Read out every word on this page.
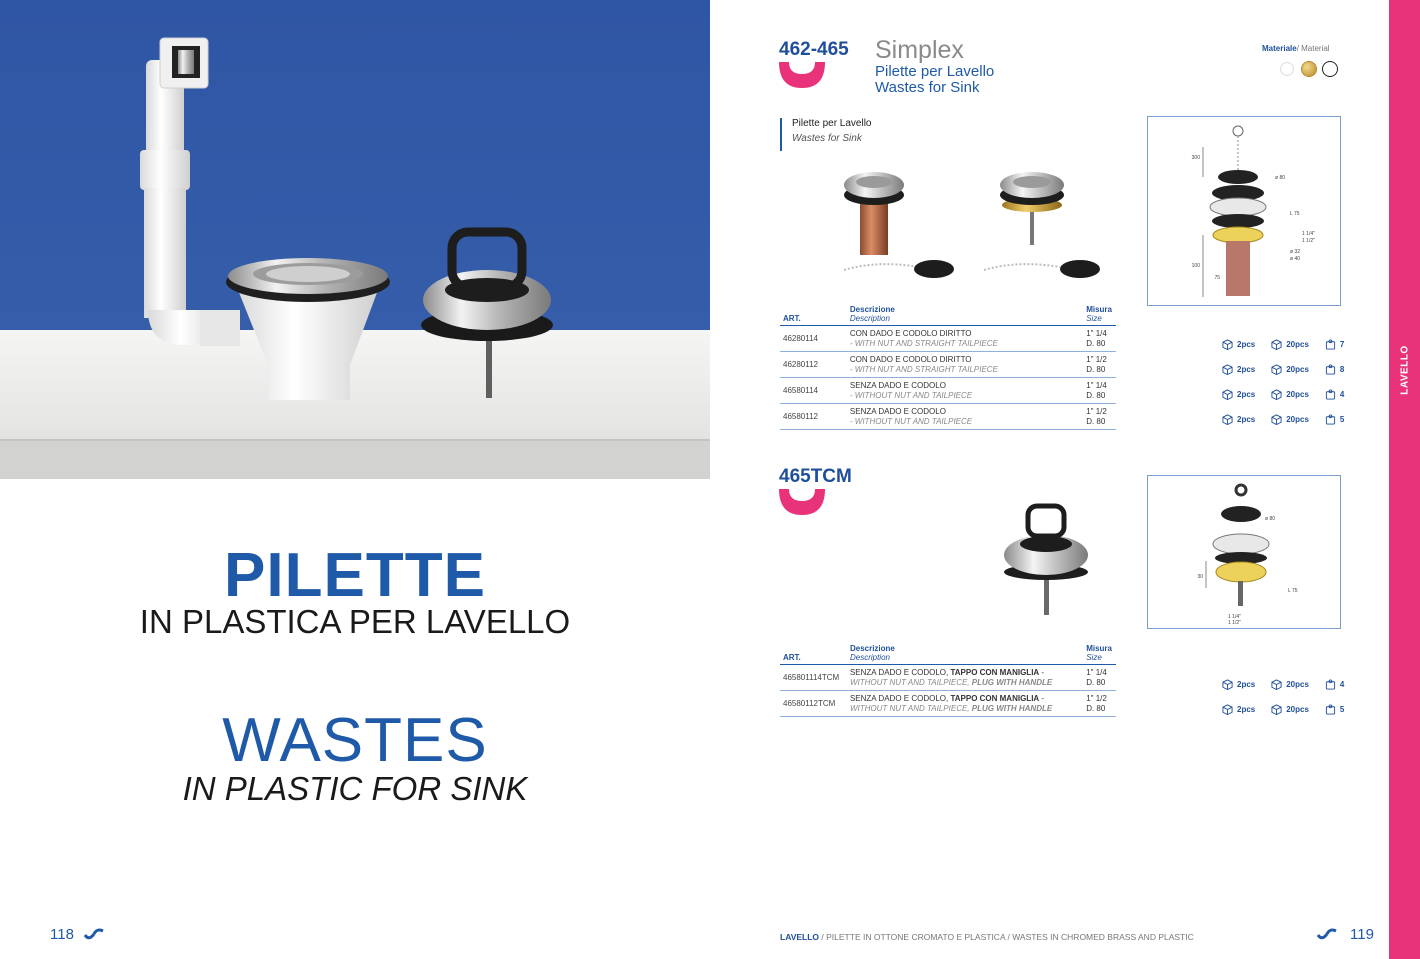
PILETTE
IN PLASTICA PER LAVELLO
WASTES
IN PLASTIC FOR SINK
118
LAVELLO
462-465 Simplex
Pilette per Lavello
Wastes for Sink
Materiale/ Material
Pilette per Lavello
Wastes for Sink
300
ø 80
L 75
1 1/4"
1 1/2"
ø 32
ø 40
100
75
ART.	Descrizione
Description	Misura
Size

46280114	CON DADO E CODOLO DIRITTO
- WITH NUT AND STRAIGHT TAILPIECE	1" 1/4
D. 80
46280112	CON DADO E CODOLO DIRITTO
- WITH NUT AND STRAIGHT TAILPIECE	1" 1/2
D. 80
46580114	SENZA DADO E CODOLO
- WITHOUT NUT AND TAILPIECE	1" 1/4
D. 80
46580112	SENZA DADO E CODOLO
- WITHOUT NUT AND TAILPIECE	1" 1/2
D. 80
2pcs	20pcs	7
2pcs	20pcs	8
2pcs	20pcs	4
2pcs	20pcs	5
465TCM
ø 80
30
L 75
1 1/4"
1 1/2"
ART.	Descrizione
Description	Misura
Size

465801114TCM	SENZA DADO E CODOLO, TAPPO CON MANIGLIA -
WITHOUT NUT AND TAILPIECE, PLUG WITH HANDLE	1" 1/4
D. 80
46580112TCM	SENZA DADO E CODOLO, TAPPO CON MANIGLIA -
WITHOUT NUT AND TAILPIECE, PLUG WITH HANDLE	1" 1/2
D. 80
2pcs	20pcs	4
2pcs	20pcs	5
LAVELLO / PILETTE IN OTTONE CROMATO E PLASTICA / WASTES IN CHROMED BRASS AND PLASTIC	119
